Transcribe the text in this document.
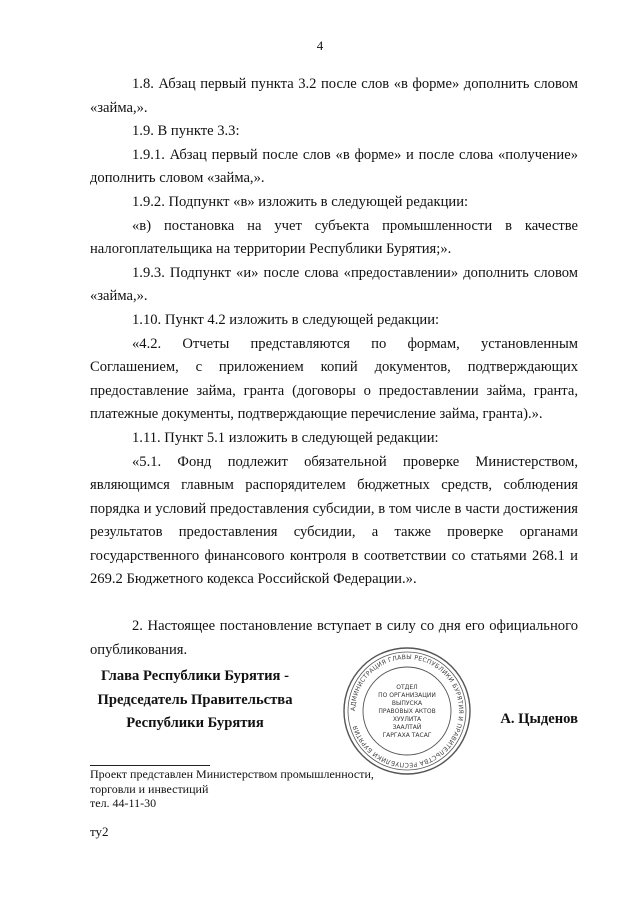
4

1.8. Абзац первый пункта 3.2 после слов «в форме» дополнить словом «займа,».

1.9. В пункте 3.3:

1.9.1. Абзац первый после слов «в форме» и после слова «получение» дополнить словом «займа,».

1.9.2. Подпункт «в» изложить в следующей редакции:

«в) постановка на учет субъекта промышленности в качестве налогоплательщика на территории Республики Бурятия;».

1.9.3. Подпункт «и» после слова «предоставлении» дополнить словом «займа,».

1.10. Пункт 4.2 изложить в следующей редакции:

«4.2. Отчеты представляются по формам, установленным Соглашением, с приложением копий документов, подтверждающих предоставление займа, гранта (договоры о предоставлении займа, гранта, платежные документы, подтверждающие перечисление займа, гранта).».

1.11. Пункт 5.1 изложить в следующей редакции:

«5.1. Фонд подлежит обязательной проверке Министерством, являющимся главным распорядителем бюджетных средств, соблюдения порядка и условий предоставления субсидии, в том числе в части достижения результатов предоставления субсидии, а также проверке органами государственного финансового контроля в соответствии со статьями 268.1 и 269.2 Бюджетного кодекса Российской Федерации.».

2. Настоящее постановление вступает в силу со дня его официального опубликования.

Глава Республики Бурятия -
Председатель Правительства
Республики Бурятия
АДМИНИСТРАЦИЯ ГЛАВЫ РЕСПУБЛИКИ БУРЯТИЯ И ПРАВИТЕЛЬСТВА РЕСПУБЛИКИ БУРЯТИЯ
ОТДЕЛ
ПО ОРГАНИЗАЦИИ
ВЫПУСКА
ПРАВОВЫХ АКТОВ
ХУУЛИТА
ЗААЛТАЙ
ГАРГАХА ТАСАГ
А. Цыденов
Проект представлен Министерством промышленности,
торговли и инвестиций
тел. 44-11-30
ту2
